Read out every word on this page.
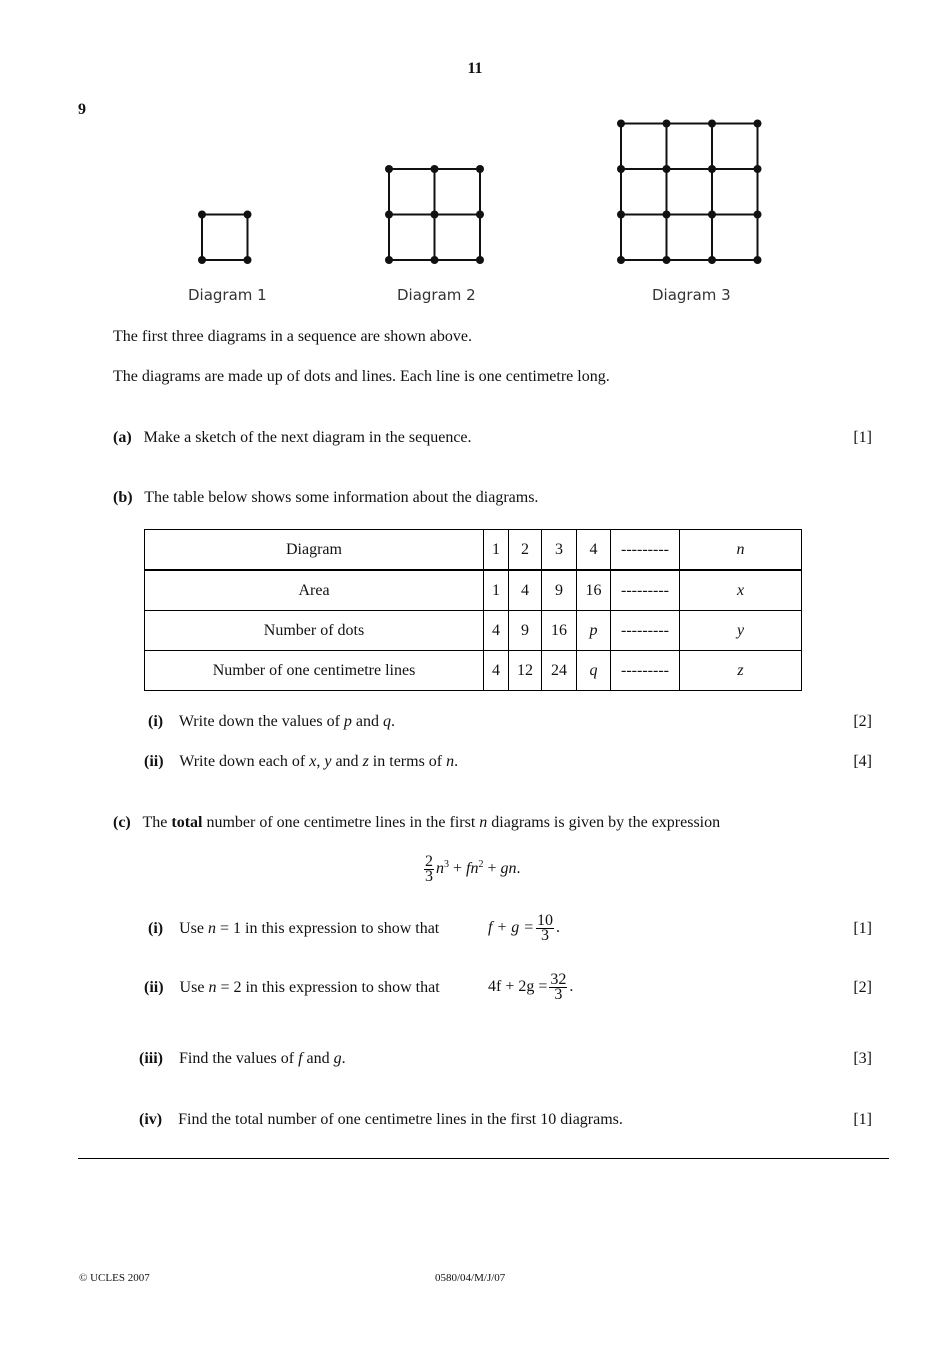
11
9
Diagram 1	Diagram 2	Diagram 3
The first three diagrams in a sequence are shown above.
The diagrams are made up of dots and lines. Each line is one centimetre long.
(a) Make a sketch of the next diagram in the sequence.	[1]
(b) The table below shows some information about the diagrams.
Diagram	1	2	3	4	---------	n
Area	1	4	9	16	---------	x
Number of dots	4	9	16	p	---------	y
Number of one centimetre lines	4	12	24	q	---------	z
(i) Write down the values of p and q.	[2]
(ii) Write down each of x, y and z in terms of n.	[4]
(c) The total number of one centimetre lines in the first n diagrams is given by the expression
$\frac{2}{3} n^3 + fn^2$ + gn.
(i) Use n = 1 in this expression to show that	$f + g = \frac{10}{3}$ .	[1]
(ii) Use n = 2 in this expression to show that	$4f + 2g = \frac{32}{3}$ .	[2]
(iii) Find the values of f and g.	[3]
(iv) Find the total number of one centimetre lines in the first 10 diagrams.	[1]
© UCLES 2007	0580/04/M/J/07
